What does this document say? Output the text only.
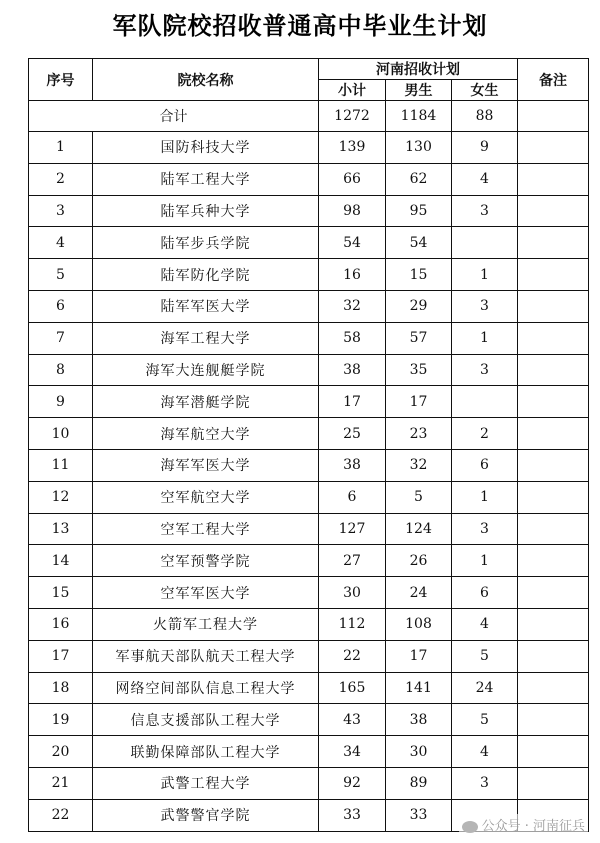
军队院校招收普通高中毕业生计划
序号	院校名称	河南招收计划			备注
		小计	男生	女生	
合计		1272	1184	88	
1	国防科技大学	139	130	9	
2	陆军工程大学	66	62	4	
3	陆军兵种大学	98	95	3	
4	陆军步兵学院	54	54		
5	陆军防化学院	16	15	1	
6	陆军军医大学	32	29	3	
7	海军工程大学	58	57	1	
8	海军大连舰艇学院	38	35	3	
9	海军潜艇学院	17	17		
10	海军航空大学	25	23	2	
11	海军军医大学	38	32	6	
12	空军航空大学	6	5	1	
13	空军工程大学	127	124	3	
14	空军预警学院	27	26	1	
15	空军军医大学	30	24	6	
16	火箭军工程大学	112	108	4	
17	军事航天部队航天工程大学	22	17	5	
18	网络空间部队信息工程大学	165	141	24	
19	信息支援部队工程大学	43	38	5	
20	联勤保障部队工程大学	34	30	4	
21	武警工程大学	92	89	3	
22	武警警官学院	33	33		
公众号 · 河南征兵
